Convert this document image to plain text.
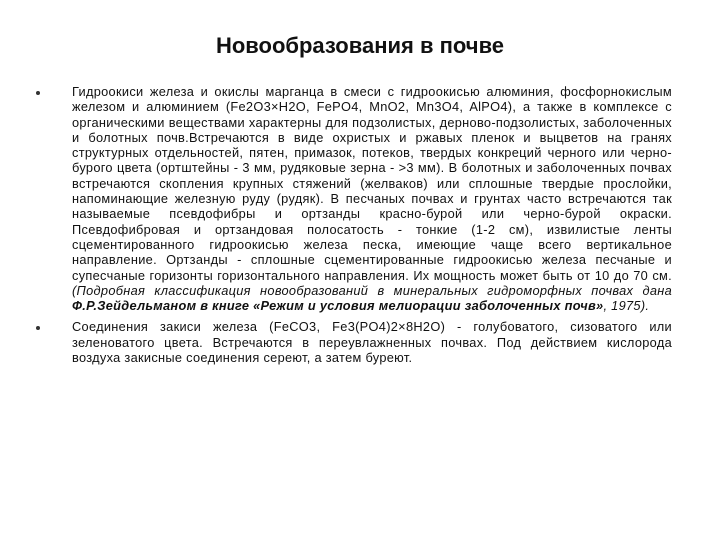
Новообразования в почве
Гидроокиси железа и окислы марганца в смеси с гидроокисью алюминия, фосфорнокислым железом и алюминием (Fe2O3×H2O, FePO4, MnO2, Mn3O4, AlPO4), а также в комплексе с органическими веществами характерны для подзолистых, дерново-подзолистых, заболоченных и болотных почв.Встречаются в виде охристых и ржавых пленок и выцветов на гранях структурных отдельностей, пятен, примазок, потеков, твердых конкреций черного или черно-бурого цвета (ортштейны - 3 мм, рудяковые зерна - >3 мм). В болотных и заболоченных почвах встречаются скопления крупных стяжений (желваков) или сплошные твердые прослойки, напоминающие железную руду (рудяк). В песчаных почвах и грунтах часто встречаются так называемые псевдофибры и ортзанды красно-бурой или черно-бурой окраски. Псевдофибровая и ортзандовая полосатость - тонкие (1-2 см), извилистые ленты сцементированного гидроокисью железа песка, имеющие чаще всего вертикальное направление. Ортзанды - сплошные сцементированные гидроокисью железа песчаные и супесчаные горизонты горизонтального направления. Их мощность может быть от 10 до 70 см. (Подробная классификация новообразований в минеральных гидроморфных почвах дана Ф.Р.Зейдельманом в книге «Режим и условия мелиорации заболоченных почв», 1975).
Соединения закиси железа (FeCO3, Fe3(PO4)2×8H2O) - голубоватого, сизоватого или зеленоватого цвета. Встречаются в переувлажненных почвах. Под действием кислорода воздуха закисные соединения сереют, а затем буреют.
